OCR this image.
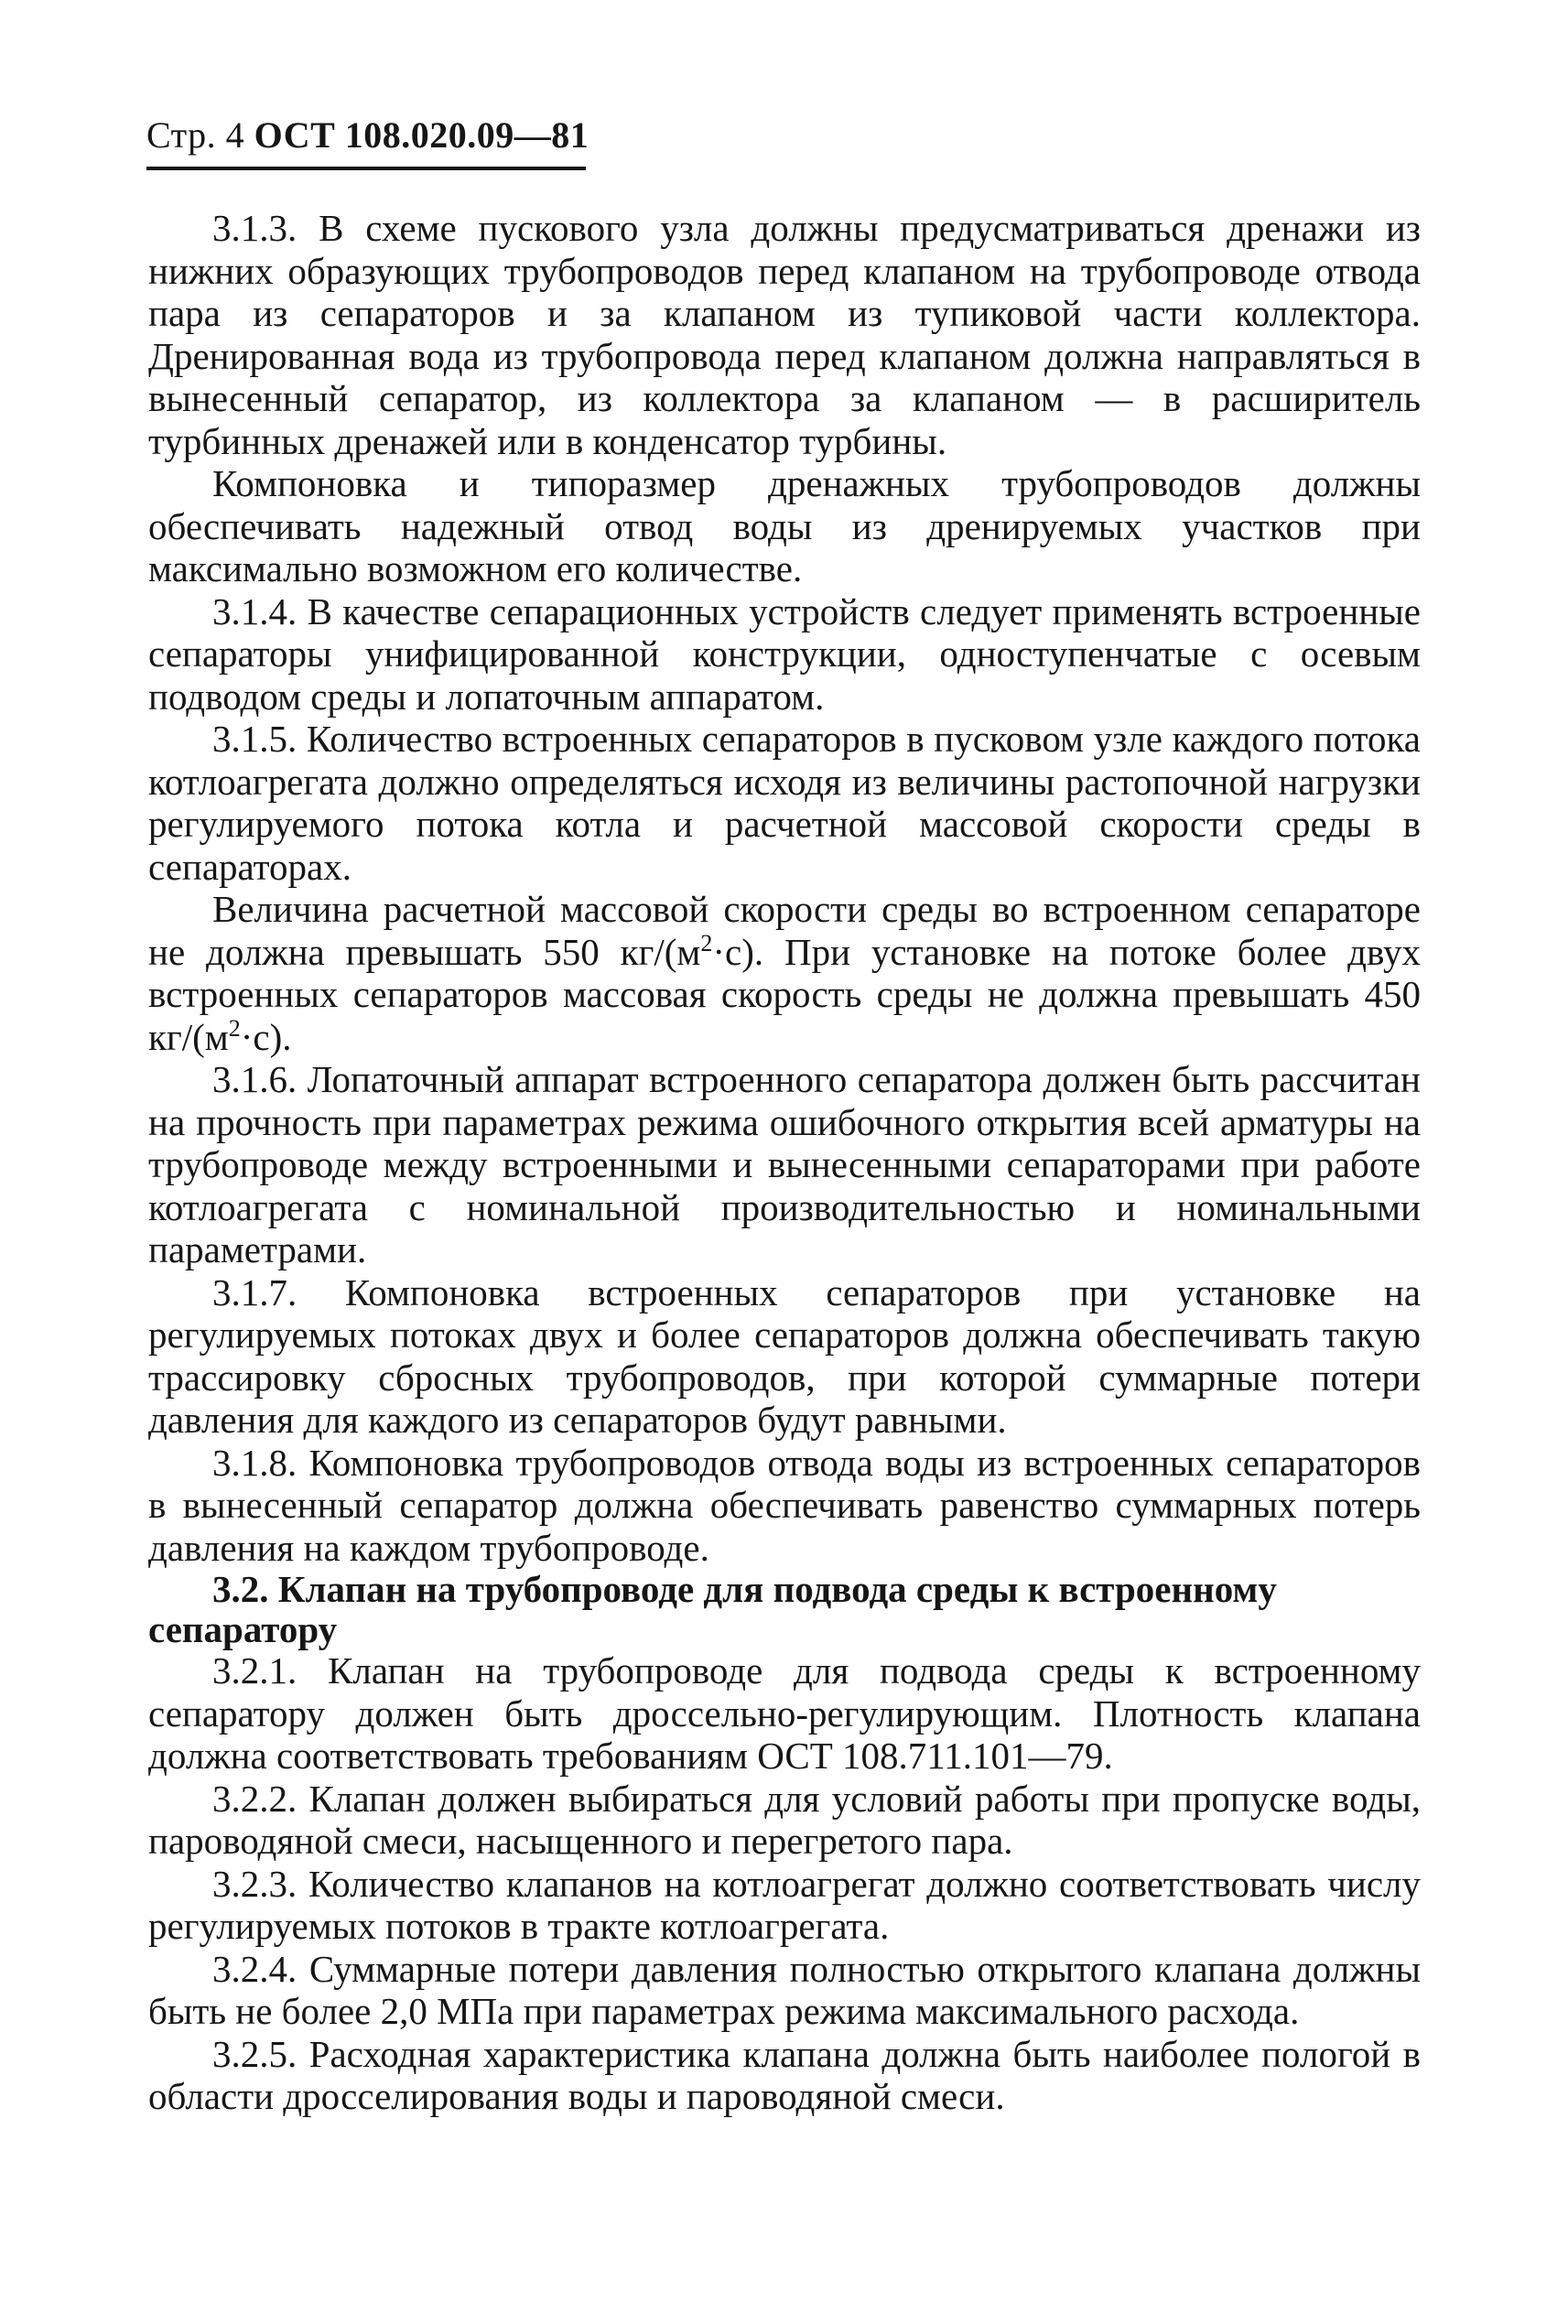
Стр. 4 ОСТ 108.020.09—81

3.1.3. В схеме пускового узла должны предусматриваться дренажи из нижних образующих трубопроводов перед клапаном на трубопроводе отвода пара из сепараторов и за клапаном из тупиковой части коллектора. Дренированная вода из трубопровода перед клапаном должна направляться в вынесенный сепаратор, из коллектора за клапаном — в расширитель турбинных дренажей или в конденсатор турбины.

Компоновка и типоразмер дренажных трубопроводов должны обеспечивать надежный отвод воды из дренируемых участков при максимально возможном его количестве.

3.1.4. В качестве сепарационных устройств следует применять встроенные сепараторы унифицированной конструкции, одноступенчатые с осевым подводом среды и лопаточным аппаратом.

3.1.5. Количество встроенных сепараторов в пусковом узле каждого потока котлоагрегата должно определяться исходя из величины растопочной нагрузки регулируемого потока котла и расчетной массовой скорости среды в сепараторах.

Величина расчетной массовой скорости среды во встроенном сепараторе не должна превышать 550 $кг/(м^2\cdot с)$. При установке на потоке более двух встроенных сепараторов массовая скорость среды не должна превышать 450 $кг/(м^2\cdot с)$.

3.1.6. Лопаточный аппарат встроенного сепаратора должен быть рассчитан на прочность при параметрах режима ошибочного открытия всей арматуры на трубопроводе между встроенными и вынесенными сепараторами при работе котлоагрегата с номинальной производительностью и номинальными параметрами.

3.1.7. Компоновка встроенных сепараторов при установке на регулируемых потоках двух и более сепараторов должна обеспечивать такую трассировку сбросных трубопроводов, при которой суммарные потери давления для каждого из сепараторов будут равными.

3.1.8. Компоновка трубопроводов отвода воды из встроенных сепараторов в вынесенный сепаратор должна обеспечивать равенство суммарных потерь давления на каждом трубопроводе.

3.2. Клапан на трубопроводе для подвода среды к встроенному сепаратору

3.2.1. Клапан на трубопроводе для подвода среды к встроенному сепаратору должен быть дроссельно-регулирующим. Плотность клапана должна соответствовать требованиям ОСТ 108.711.101—79.

3.2.2. Клапан должен выбираться для условий работы при пропуске воды, пароводяной смеси, насыщенного и перегретого пара.

3.2.3. Количество клапанов на котлоагрегат должно соответствовать числу регулируемых потоков в тракте котлоагрегата.

3.2.4. Суммарные потери давления полностью открытого клапана должны быть не более 2,0 МПа при параметрах режима максимального расхода.

3.2.5. Расходная характеристика клапана должна быть наиболее пологой в области дросселирования воды и пароводяной смеси.
